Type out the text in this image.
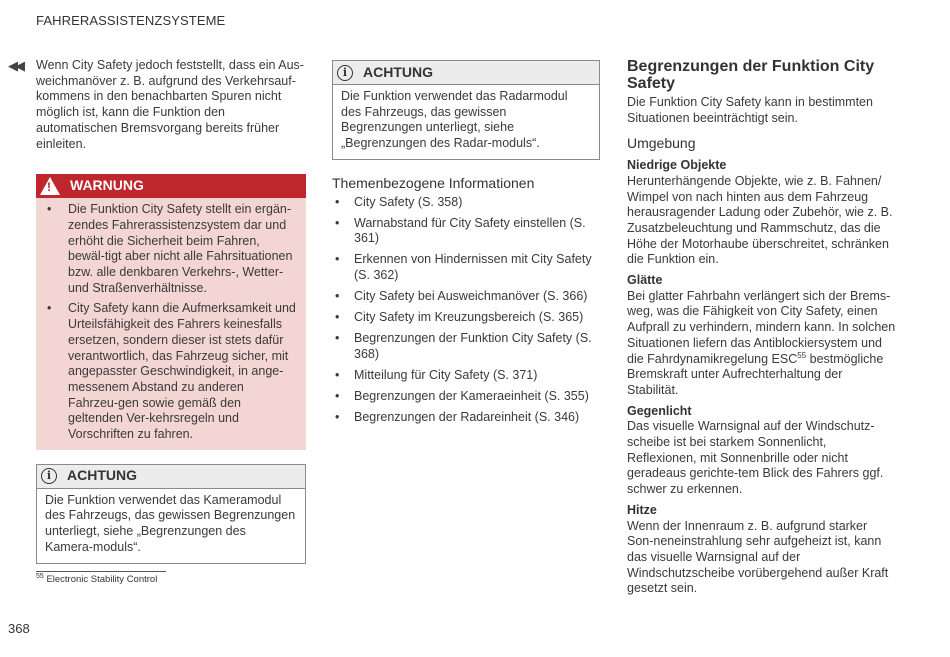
FAHRERASSISTENZSYSTEME
◀◀ Wenn City Safety jedoch feststellt, dass ein Aus-weichmanöver z. B. aufgrund des Verkehrsauf-kommens in den benachbarten Spuren nicht möglich ist, kann die Funktion den automatischen Bremsvorgang bereits früher einleiten.

! WARNUNG
• Die Funktion City Safety stellt ein ergän-zendes Fahrerassistenzsystem dar und erhöht die Sicherheit beim Fahren, bewäl-tigt aber nicht alle Fahrsituationen bzw. alle denkbaren Verkehrs-, Wetter- und Straßenverhältnisse.
• City Safety kann die Aufmerksamkeit und Urteilsfähigkeit des Fahrers keinesfalls ersetzen, sondern dieser ist stets dafür verantwortlich, das Fahrzeug sicher, mit angepasster Geschwindigkeit, in ange-messenem Abstand zu anderen Fahrzeu-gen sowie gemäß den geltenden Ver-kehrsregeln und Vorschriften zu fahren.
i	ACHTUNG
Die Funktion verwendet das Kameramodul des Fahrzeugs, das gewissen Begrenzungen unterliegt, siehe „Begrenzungen des Kamera-moduls“.
i	ACHTUNG
Die Funktion verwendet das Radarmodul des Fahrzeugs, das gewissen Begrenzungen unterliegt, siehe „Begrenzungen des Radar-moduls“.
Themenbezogene Informationen
• City Safety (S. 358)
• Warnabstand für City Safety einstellen (S. 361)
• Erkennen von Hindernissen mit City Safety (S. 362)
• City Safety bei Ausweichmanöver (S. 366)
• City Safety im Kreuzungsbereich (S. 365)
• Begrenzungen der Funktion City Safety (S. 368)
• Mitteilung für City Safety (S. 371)
• Begrenzungen der Kameraeinheit (S. 355)
• Begrenzungen der Radareinheit (S. 346)
Begrenzungen der Funktion City Safety

Die Funktion City Safety kann in bestimmten Situationen beeinträchtigt sein.

Umgebung
Niedrige Objekte

Herunterhängende Objekte, wie z. B. Fahnen/ Wimpel von nach hinten aus dem Fahrzeug herausragender Ladung oder Zubehör, wie z. B. Zusatzbeleuchtung und Rammschutz, das die Höhe der Motorhaube überschreitet, schränken die Funktion ein.

Glätte

Bei glatter Fahrbahn verlängert sich der Brems-weg, was die Fähigkeit von City Safety, einen Aufprall zu verhindern, mindern kann. In solchen Situationen liefern das Antiblockiersystem und die Fahrdynamikregelung ESC$^{55}$ bestmögliche Bremskraft unter Aufrechterhaltung der Stabilität.

Gegenlicht

Das visuelle Warnsignal auf der Windschutz-scheibe ist bei starkem Sonnenlicht, Reflexionen, mit Sonnenbrille oder nicht geradeaus gerichte-tem Blick des Fahrers ggf. schwer zu erkennen.

Hitze

Wenn der Innenraum z. B. aufgrund starker Son-neneinstrahlung sehr aufgeheizt ist, kann das visuelle Warnsignal auf der Windschutzscheibe vorübergehend außer Kraft gesetzt sein.

$^{55}$ Electronic Stability Control
368
